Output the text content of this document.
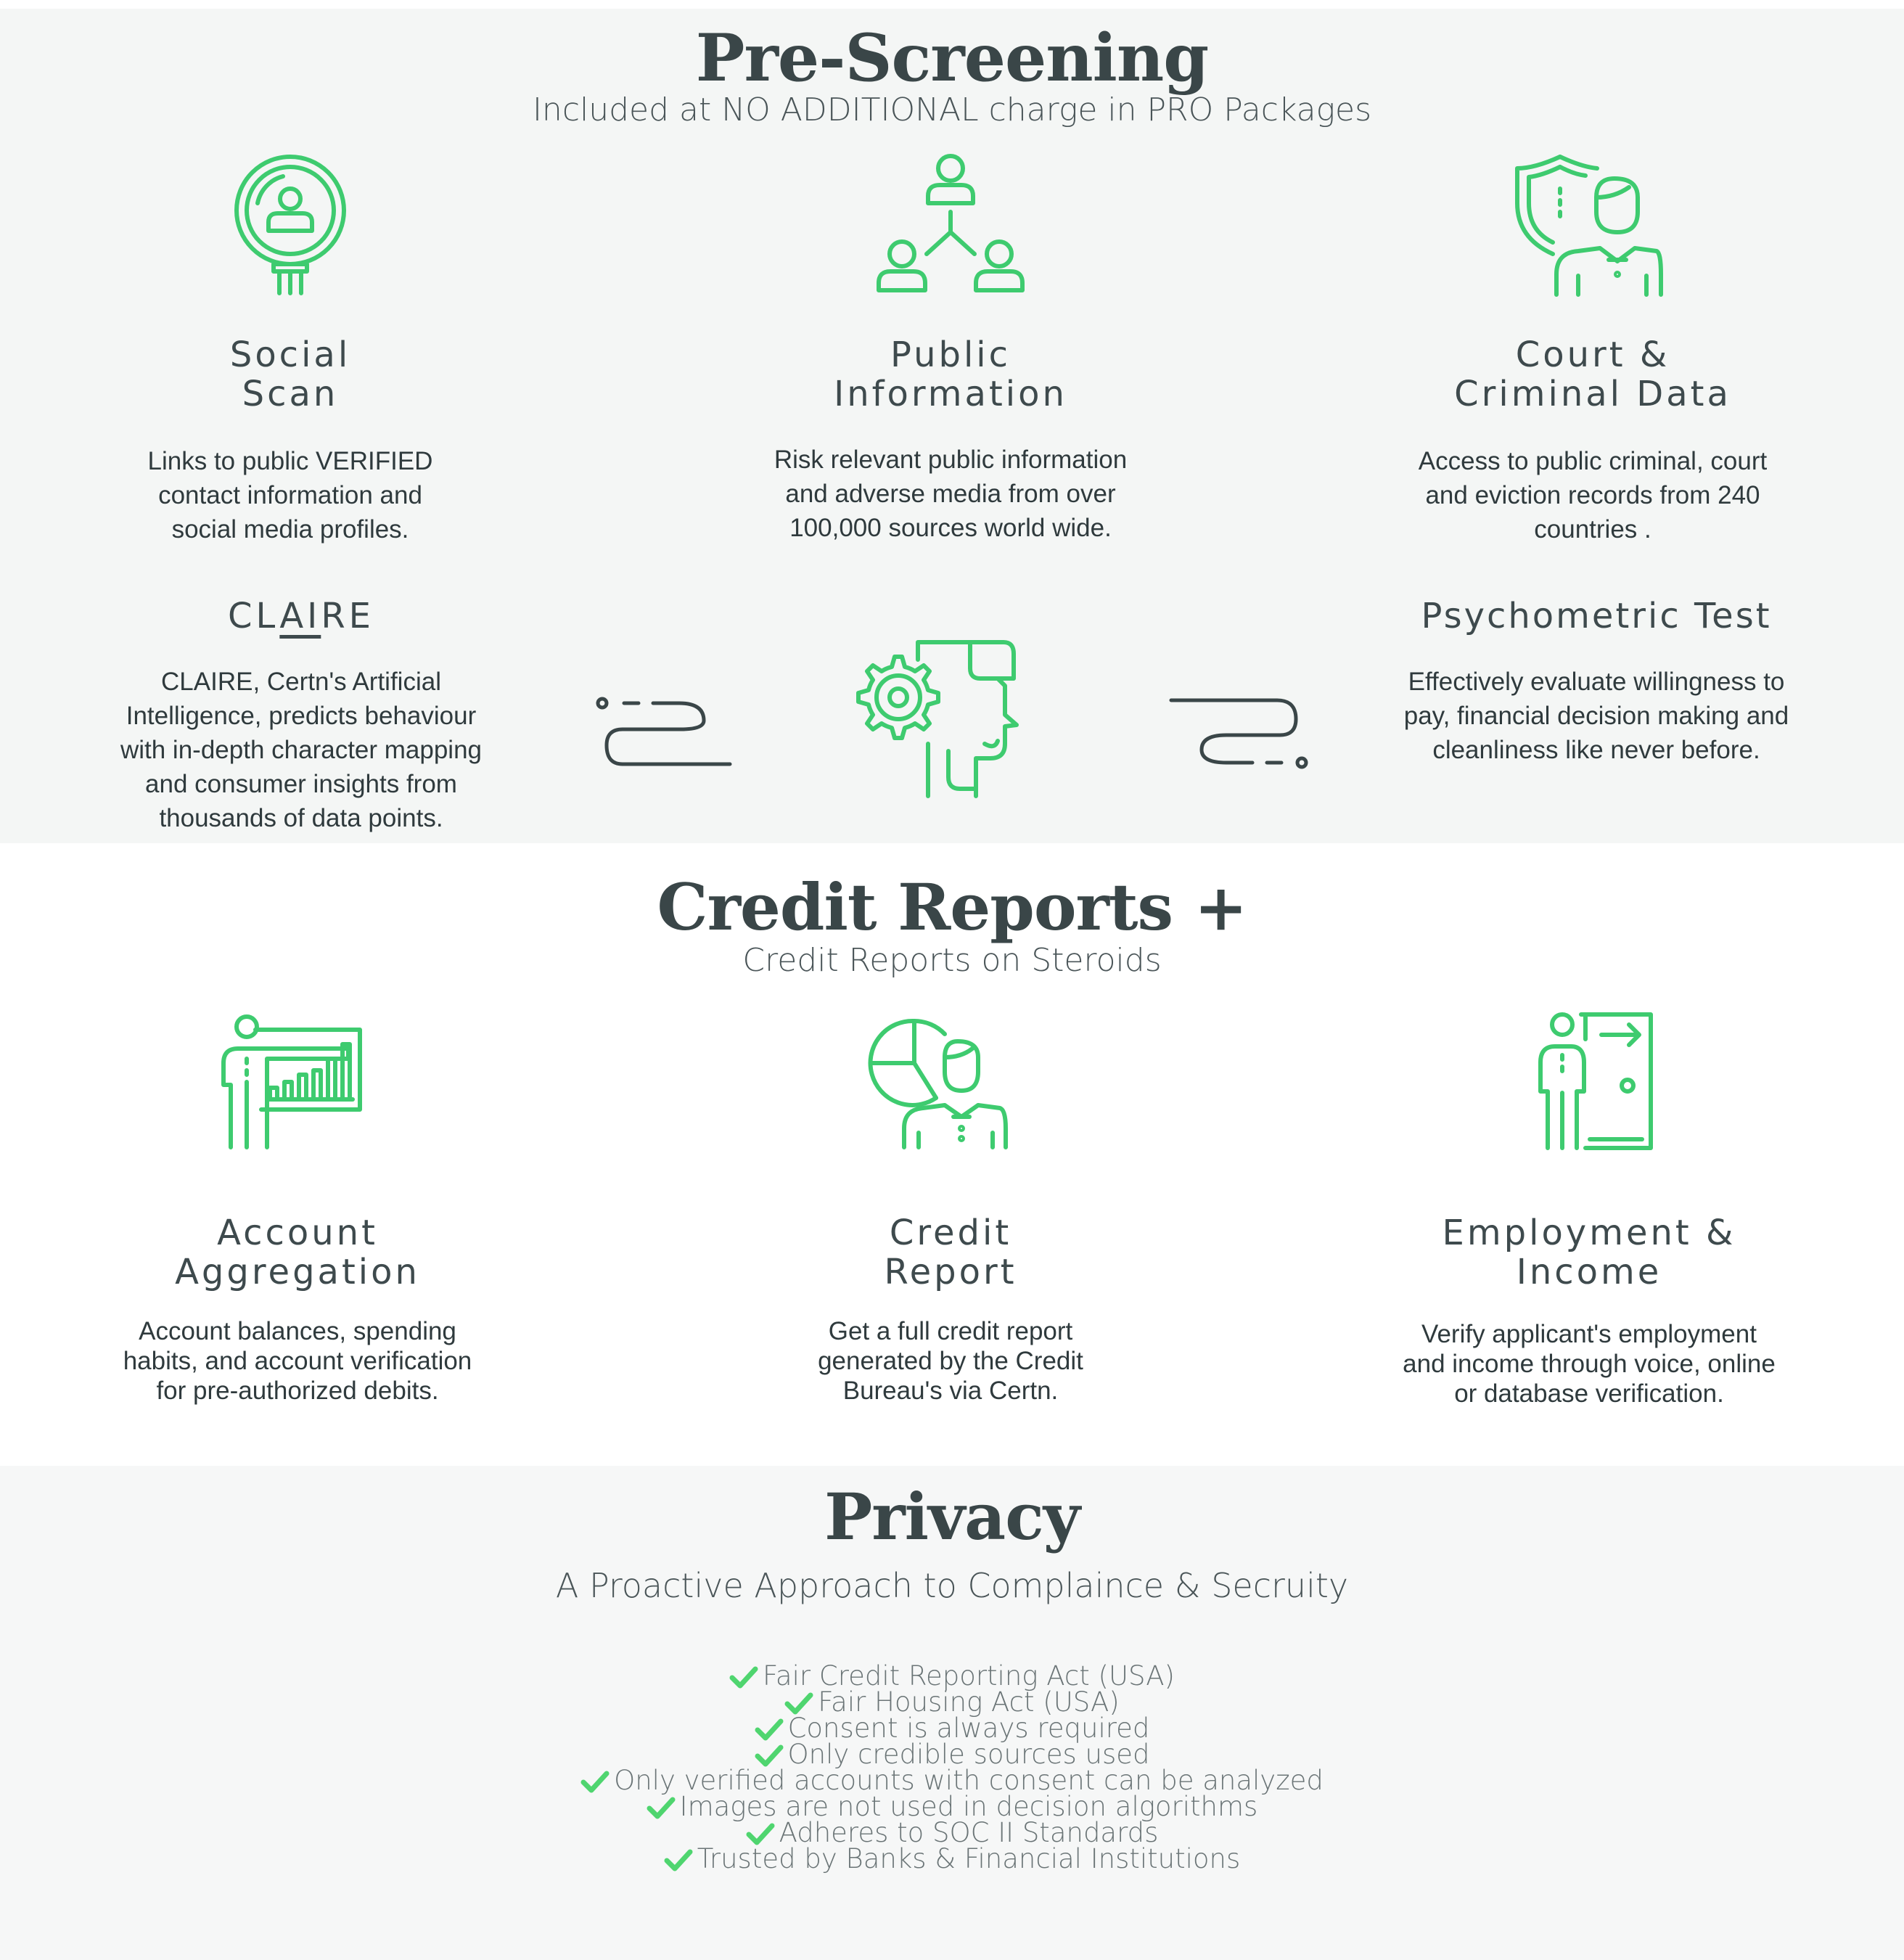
Pre-Screening
Included at NO ADDITIONAL charge in PRO Packages
Social
Scan
Public
Information
Court &
Criminal Data
Links to public VERIFIED contact information and social media profiles.
Risk relevant public information and adverse media from over 100,000 sources world wide.
Access to public criminal, court and eviction records from 240 countries .
CLAIRE
CLAIRE, Certn's Artificial Intelligence, predicts behaviour with in-depth character mapping and consumer insights from thousands of data points.
Psychometric Test
Effectively evaluate willingness to pay, financial decision making and cleanliness like never before.
Credit Reports +
Credit Reports on Steroids
Account
Aggregation
Credit
Report
Employment &
Income
Account balances, spending habits, and account verification for pre-authorized debits.
Get a full credit report generated by the Credit Bureau's via Certn.
Verify applicant's employment and income through voice, online or database verification.
Privacy
A Proactive Approach to Complaince & Secruity
Fair Credit Reporting Act (USA)
Fair Housing Act (USA)
Consent is always required
Only credible sources used
Only verified accounts with consent can be analyzed
Images are not used in decision algorithms
Adheres to SOC II Standards
Trusted by Banks & Financial Institutions
